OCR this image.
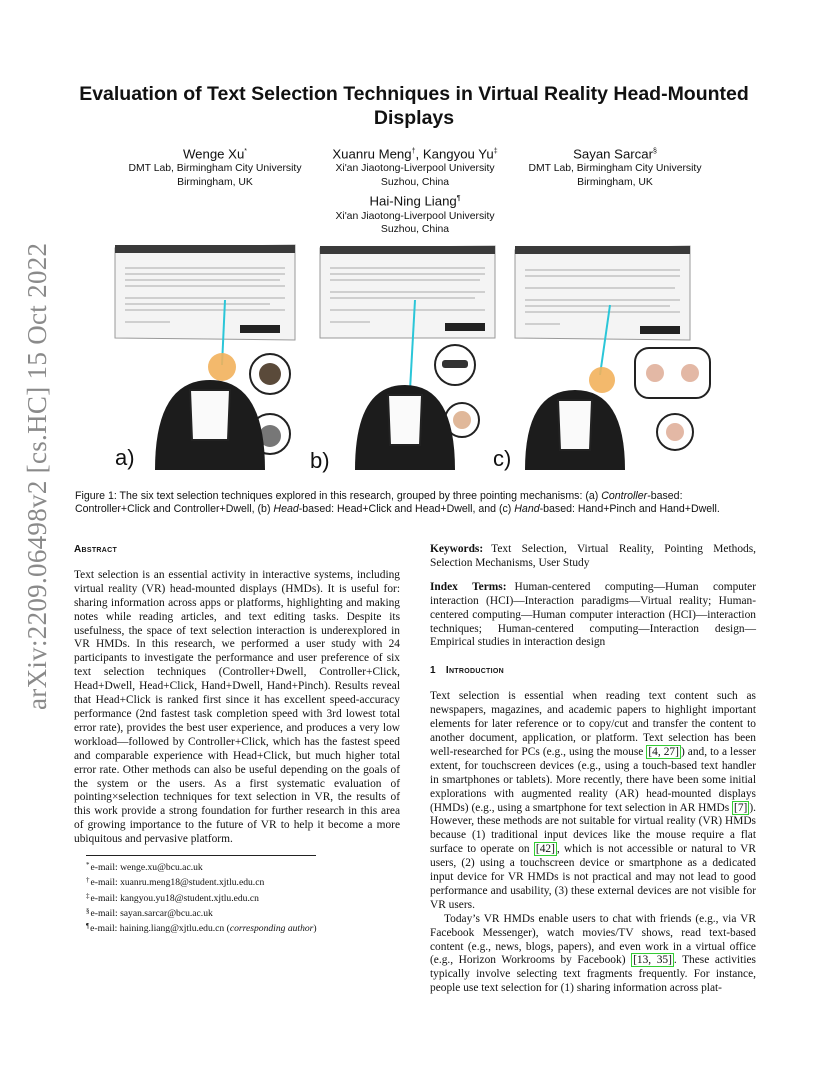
arXiv:2209.06498v2 [cs.HC] 15 Oct 2022
Evaluation of Text Selection Techniques in Virtual Reality Head-Mounted Displays
Wenge Xu*
DMT Lab, Birmingham City University
Birmingham, UK
Xuanru Meng†, Kangyou Yu‡
Xi'an Jiaotong-Liverpool University
Suzhou, China
Hai-Ning Liang¶
Xi'an Jiaotong-Liverpool University
Suzhou, China
Sayan Sarcar§
DMT Lab, Birmingham City University
Birmingham, UK
a)	b)	c)
Figure 1: The six text selection techniques explored in this research, grouped by three pointing mechanisms: (a) Controller-based: Controller+Click and Controller+Dwell, (b) Head-based: Head+Click and Head+Dwell, and (c) Hand-based: Hand+Pinch and Hand+Dwell.
Abstract

Text selection is an essential activity in interactive systems, including virtual reality (VR) head-mounted displays (HMDs). It is useful for: sharing information across apps or platforms, highlighting and making notes while reading articles, and text editing tasks. Despite its usefulness, the space of text selection interaction is underexplored in VR HMDs. In this research, we performed a user study with 24 participants to investigate the performance and user preference of six text selection techniques (Controller+Dwell, Controller+Click, Head+Dwell, Head+Click, Hand+Dwell, Hand+Pinch). Results reveal that Head+Click is ranked first since it has excellent speed-accuracy performance (2nd fastest task completion speed with 3rd lowest total error rate), provides the best user experience, and produces a very low workload—followed by Controller+Click, which has the fastest speed and comparable experience with Head+Click, but much higher total error rate. Other methods can also be useful depending on the goals of the system or the users. As a first systematic evaluation of pointing×selection techniques for text selection in VR, the results of this work provide a strong foundation for further research in this area of growing importance to the future of VR to help it become a more ubiquitous and pervasive platform.

*e-mail: wenge.xu@bcu.ac.uk
†e-mail: xuanru.meng18@student.xjtlu.edu.cn
‡e-mail: kangyou.yu18@student.xjtlu.edu.cn
§e-mail: sayan.sarcar@bcu.ac.uk
¶e-mail: haining.liang@xjtlu.edu.cn (corresponding author)

Keywords: Text Selection, Virtual Reality, Pointing Methods, Selection Mechanisms, User Study

Index Terms: Human-centered computing—Human computer interaction (HCI)—Interaction paradigms—Virtual reality; Human-centered computing—Human computer interaction (HCI)—interaction techniques; Human-centered computing—Interaction design—Empirical studies in interaction design

1 Introduction

Text selection is essential when reading text content such as newspapers, magazines, and academic papers to highlight important elements for later reference or to copy/cut and transfer the content to another document, application, or platform. Text selection has been well-researched for PCs (e.g., using the mouse [4, 27] ) and, to a lesser extent, for touchscreen devices (e.g., using a touch-based text handler in smartphones or tablets). More recently, there have been some initial explorations with augmented reality (AR) head-mounted displays (HMDs) (e.g., using a smartphone for text selection in AR HMDs [7] ). However, these methods are not suitable for virtual reality (VR) HMDs because (1) traditional input devices like the mouse require a flat surface to operate on [42] , which is not accessible or natural to VR users, (2) using a touchscreen device or smartphone as a dedicated input device for VR HMDs is not practical and may not lead to good performance and usability, (3) these external devices are not visible for VR users.

Today’s VR HMDs enable users to chat with friends (e.g., via VR Facebook Messenger), watch movies/TV shows, read text-based content (e.g., news, blogs, papers), and even work in a virtual office (e.g., Horizon Workrooms by Facebook) [13, 35] . These activities typically involve selecting text fragments frequently. For instance, people use text selection for (1) sharing information across plat-
